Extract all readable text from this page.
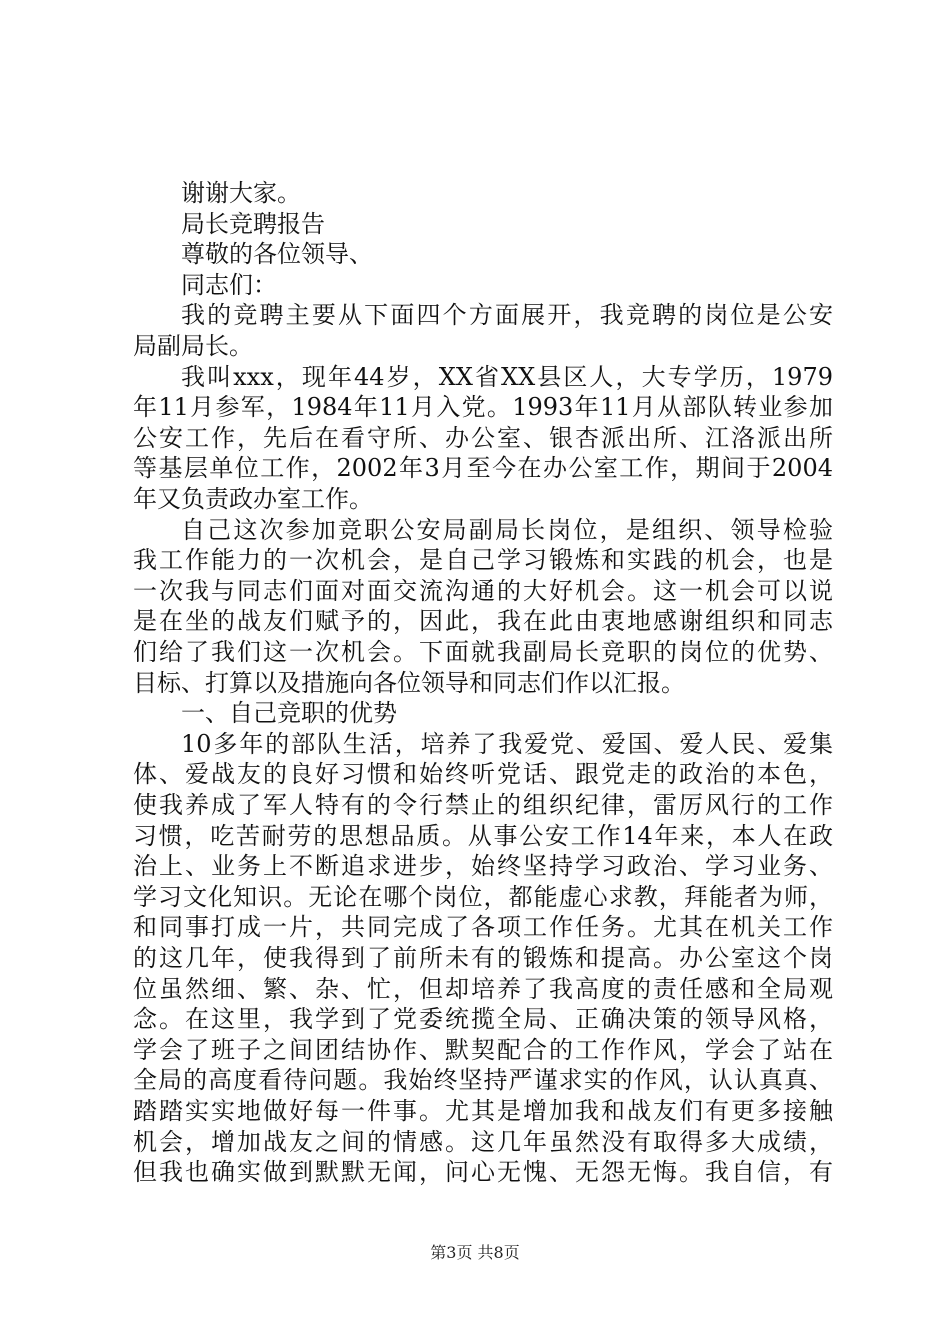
谢谢大家。
局长竞聘报告
尊敬的各位领导、
同志们：
我的竞聘主要从下面四个方面展开，我竞聘的岗位是公安
局副局长。
我叫xxx，现年44岁，XX省XX县区人，大专学历，1979
年11月参军，1984年11月入党。1993年11月从部队转业参加
公安工作，先后在看守所、办公室、银杏派出所、江洛派出所
等基层单位工作，2002年3月至今在办公室工作，期间于2004
年又负责政办室工作。
自己这次参加竞职公安局副局长岗位，是组织、领导检验
我工作能力的一次机会，是自己学习锻炼和实践的机会，也是
一次我与同志们面对面交流沟通的大好机会。这一机会可以说
是在坐的战友们赋予的，因此，我在此由衷地感谢组织和同志
们给了我们这一次机会。下面就我副局长竞职的岗位的优势、
目标、打算以及措施向各位领导和同志们作以汇报。
一、自己竞职的优势
10多年的部队生活，培养了我爱党、爱国、爱人民、爱集
体、爱战友的良好习惯和始终听党话、跟党走的政治的本色，
使我养成了军人特有的令行禁止的组织纪律，雷厉风行的工作
习惯，吃苦耐劳的思想品质。从事公安工作14年来，本人在政
治上、业务上不断追求进步，始终坚持学习政治、学习业务、
学习文化知识。无论在哪个岗位，都能虚心求教，拜能者为师，
和同事打成一片，共同完成了各项工作任务。尤其在机关工作
的这几年，使我得到了前所未有的锻炼和提高。办公室这个岗
位虽然细、繁、杂、忙，但却培养了我高度的责任感和全局观
念。在这里，我学到了党委统揽全局、正确决策的领导风格，
学会了班子之间团结协作、默契配合的工作作风，学会了站在
全局的高度看待问题。我始终坚持严谨求实的作风，认认真真、
踏踏实实地做好每一件事。尤其是增加我和战友们有更多接触
机会，增加战友之间的情感。这几年虽然没有取得多大成绩，
但我也确实做到默默无闻，问心无愧、无怨无悔。我自信，有
第3页 共8页
